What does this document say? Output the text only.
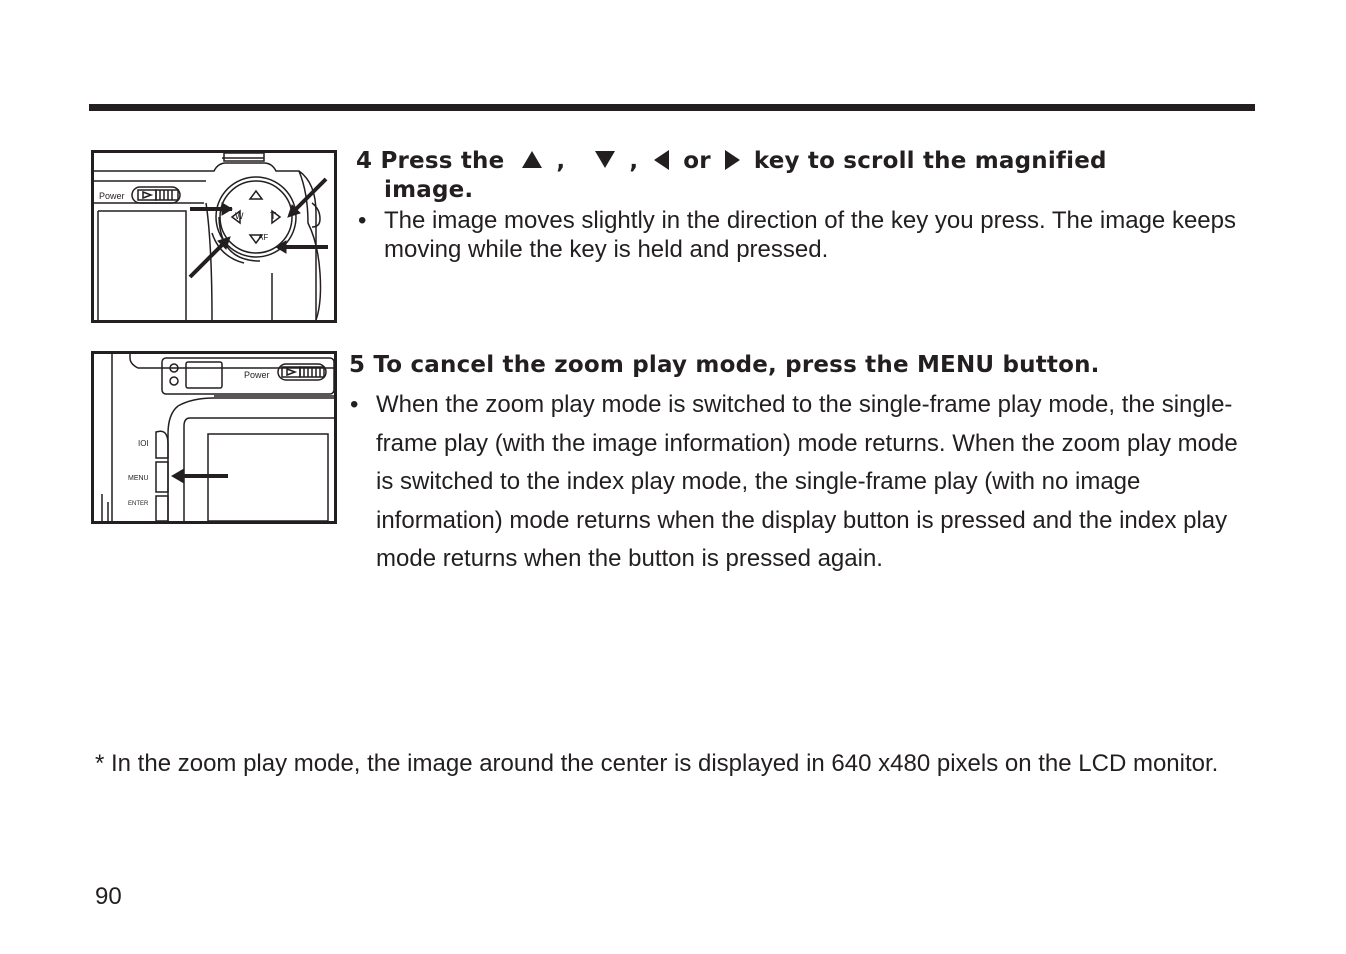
Power
W	T
AF
4 Press the ,	, or key to scroll the magnified
image.
• The image moves slightly in the direction of the key you press. The image keeps moving while the key is held and pressed.
Power
IOI
MENU
ENTER
5 To cancel the zoom play mode, press the MENU button.
• When the zoom play mode is switched to the single-frame play mode, the single-frame play (with the image information) mode returns. When the zoom play mode is switched to the index play mode, the single-frame play (with no image information) mode returns when the display button is pressed and the index play mode returns when the button is pressed again.
* In the zoom play mode, the image around the center is displayed in 640 x480 pixels on the LCD monitor.
90
